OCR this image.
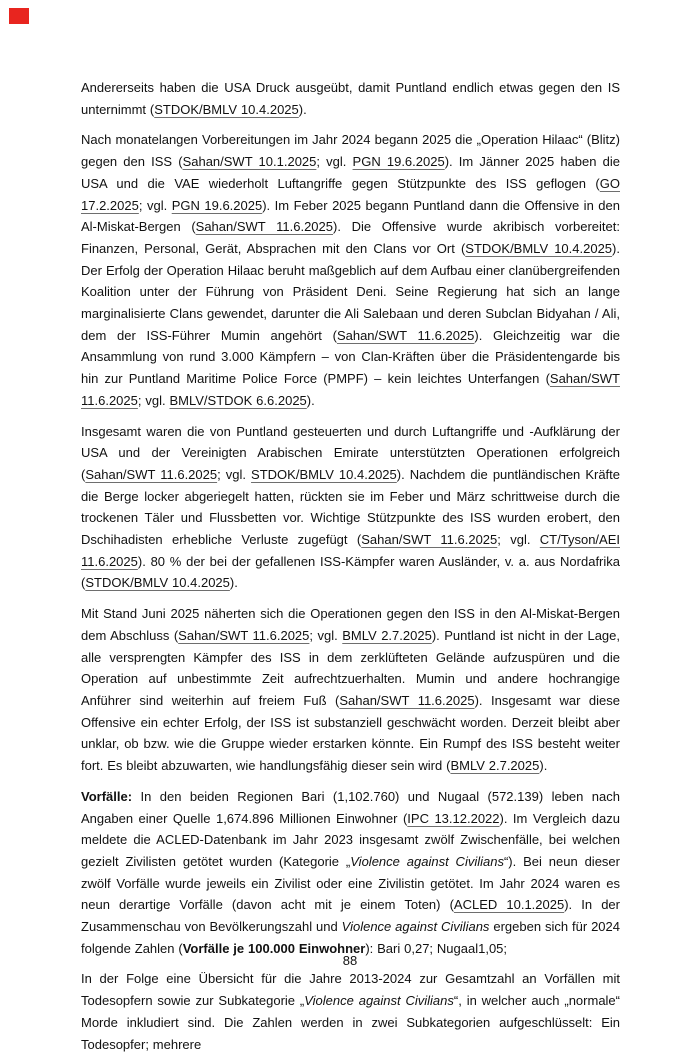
Andererseits haben die USA Druck ausgeübt, damit Puntland endlich etwas gegen den IS unternimmt (STDOK/BMLV 10.4.2025).

Nach monatelangen Vorbereitungen im Jahr 2024 begann 2025 die „Operation Hilaac“ (Blitz) gegen den ISS (Sahan/SWT 10.1.2025; vgl. PGN 19.6.2025). Im Jänner 2025 haben die USA und die VAE wiederholt Luftangriffe gegen Stützpunkte des ISS geflogen (GO 17.2.2025; vgl. PGN 19.6.2025). Im Feber 2025 begann Puntland dann die Offensive in den Al-Miskat-Bergen (Sahan/SWT 11.6.2025). Die Offensive wurde akribisch vorbereitet: Finanzen, Personal, Gerät, Absprachen mit den Clans vor Ort (STDOK/BMLV 10.4.2025). Der Erfolg der Operation Hilaac beruht maßgeblich auf dem Aufbau einer clanübergreifenden Koalition unter der Führung von Präsident Deni. Seine Regierung hat sich an lange marginalisierte Clans gewendet, darunter die Ali Salebaan und deren Subclan Bidyahan / Ali, dem der ISS-Führer Mumin angehört (Sahan/SWT 11.6.2025). Gleichzeitig war die Ansammlung von rund 3.000 Kämpfern – von Clan-Kräften über die Präsidentengarde bis hin zur Puntland Maritime Police Force (PMPF) – kein leichtes Unterfangen (Sahan/SWT 11.6.2025; vgl. BMLV/STDOK 6.6.2025).

Insgesamt waren die von Puntland gesteuerten und durch Luftangriffe und -Aufklärung der USA und der Vereinigten Arabischen Emirate unterstützten Operationen erfolgreich (Sahan/SWT 11.6.2025; vgl. STDOK/BMLV 10.4.2025). Nachdem die puntländischen Kräfte die Berge locker abgeriegelt hatten, rückten sie im Feber und März schrittweise durch die trockenen Täler und Flussbetten vor. Wichtige Stützpunkte des ISS wurden erobert, den Dschihadisten erhebliche Verluste zugefügt (Sahan/SWT 11.6.2025; vgl. CT/Tyson/AEI 11.6.2025). 80 % der bei der gefallenen ISS-Kämpfer waren Ausländer, v. a. aus Nordafrika (STDOK/BMLV 10.4.2025).

Mit Stand Juni 2025 näherten sich die Operationen gegen den ISS in den Al-Miskat-Bergen dem Abschluss (Sahan/SWT 11.6.2025; vgl. BMLV 2.7.2025). Puntland ist nicht in der Lage, alle versprengten Kämpfer des ISS in dem zerklüfteten Gelände aufzuspüren und die Operation auf unbestimmte Zeit aufrechtzuerhalten. Mumin und andere hochrangige Anführer sind weiterhin auf freiem Fuß (Sahan/SWT 11.6.2025). Insgesamt war diese Offensive ein echter Erfolg, der ISS ist substanziell geschwächt worden. Derzeit bleibt aber unklar, ob bzw. wie die Gruppe wieder erstarken könnte. Ein Rumpf des ISS besteht weiter fort. Es bleibt abzuwarten, wie handlungsfähig dieser sein wird (BMLV 2.7.2025).

Vorfälle: In den beiden Regionen Bari (1,102.760) und Nugaal (572.139) leben nach Angaben einer Quelle 1,674.896 Millionen Einwohner (IPC 13.12.2022). Im Vergleich dazu meldete die ACLED-Datenbank im Jahr 2023 insgesamt zwölf Zwischenfälle, bei welchen gezielt Zivilisten getötet wurden (Kategorie „Violence against Civilians“). Bei neun dieser zwölf Vorfälle wurde jeweils ein Zivilist oder eine Zivilistin getötet. Im Jahr 2024 waren es neun derartige Vorfälle (davon acht mit je einem Toten) (ACLED 10.1.2025). In der Zusammenschau von Bevölkerungszahl und Violence against Civilians ergeben sich für 2024 folgende Zahlen (Vorfälle je 100.000 Einwohner): Bari 0,27; Nugaal1,05;

In der Folge eine Übersicht für die Jahre 2013-2024 zur Gesamtzahl an Vorfällen mit Todesopfern sowie zur Subkategorie „Violence against Civilians“, in welcher auch „normale“ Morde inkludiert sind. Die Zahlen werden in zwei Subkategorien aufgeschlüsselt: Ein Todesopfer; mehrere

88
